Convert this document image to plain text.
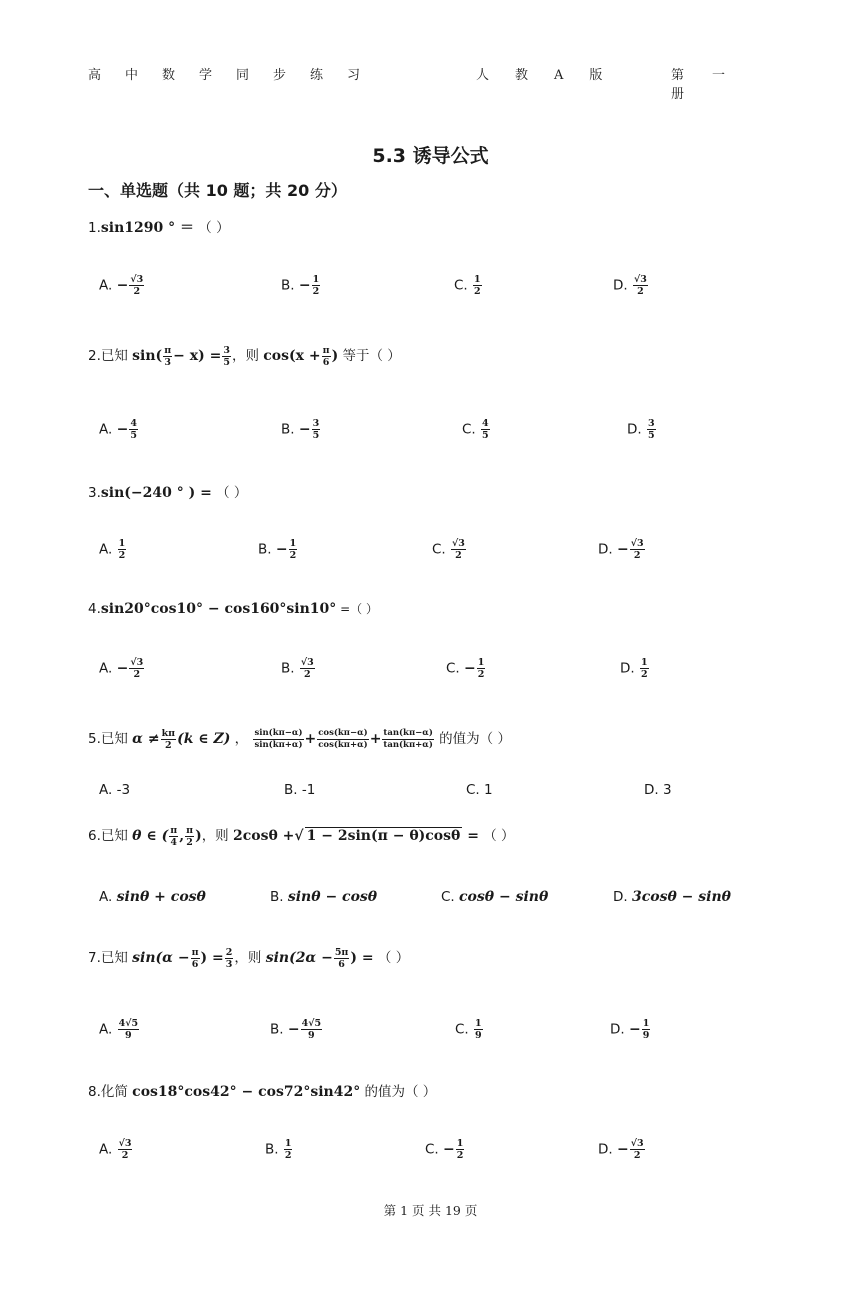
高中数学同步练习	人教A版	第一册
5.3 诱导公式
一、单选题（共 10 题；共 20 分）
1.sin1290 ° ＝ （ ）
A. − $\frac{√3}{2}$	B. − $\frac{1}{2}$	C. $\frac{1}{2}$	D. $\frac{√3}{2}$
2.已知 $\sin( \frac{\pi}{3} - x) = \frac{3}{5}$ ，则 $\cos(x + \frac{\pi}{6}$ ) 等于（ ）
A. − $\frac{4}{5}$	B. − $\frac{3}{5}$	C. $\frac{4}{5}$	D. $\frac{3}{5}$
3.sin(−240 ° ) = （ ）
A. $\frac{1}{2}$	B. − $\frac{1}{2}$	C. $\frac{√3}{2}$	D. − $\frac{√3}{2}$
4.sin20°cos10° − cos160°sin10° =（ ）
A. − $\frac{√3}{2}$	B. $\frac{√3}{2}$	C. − $\frac{1}{2}$	D. $\frac{1}{2}$
5.已知 $\alpha \ne \frac{k\pi}{2} (k$ ∈ Z) ， $\frac{\sin(k\pi-\alpha)}{\sin(k\pi+\alpha)} + \frac{\cos(k\pi-\alpha)}{\cos(k\pi+\alpha)} + \frac{\tan(k\pi-\alpha)}{\tan(k\pi+\alpha)}$ 的值为（ ）
A. -3	B. -1	C. 1	D. 3
6.已知 θ ∈ ( $\frac{\pi}{4}$ , $\frac{\pi}{2}$ )，则 2cosθ +√ 1 − 2sin(π − θ)cosθ = （ ）
A. sinθ + cosθ	B. sinθ − cosθ	C. cosθ − sinθ	D. 3cosθ − sinθ
7.已知 $\sin(\alpha - \frac{\pi}{6}$ ) = $\frac{2}{3}$ ，则 $\sin(2\alpha - \frac{5\pi}{6}$ ) = （ ）
A. $\frac{4√5}{9}$	B. − $\frac{4√5}{9}$	C. $\frac{1}{9}$	D. − $\frac{1}{9}$
8.化简 cos18°cos42° − cos72°sin42° 的值为（ ）
A. $\frac{√3}{2}$	B. $\frac{1}{2}$	C. − $\frac{1}{2}$	D. − $\frac{√3}{2}$
第 1 页 共 19 页
